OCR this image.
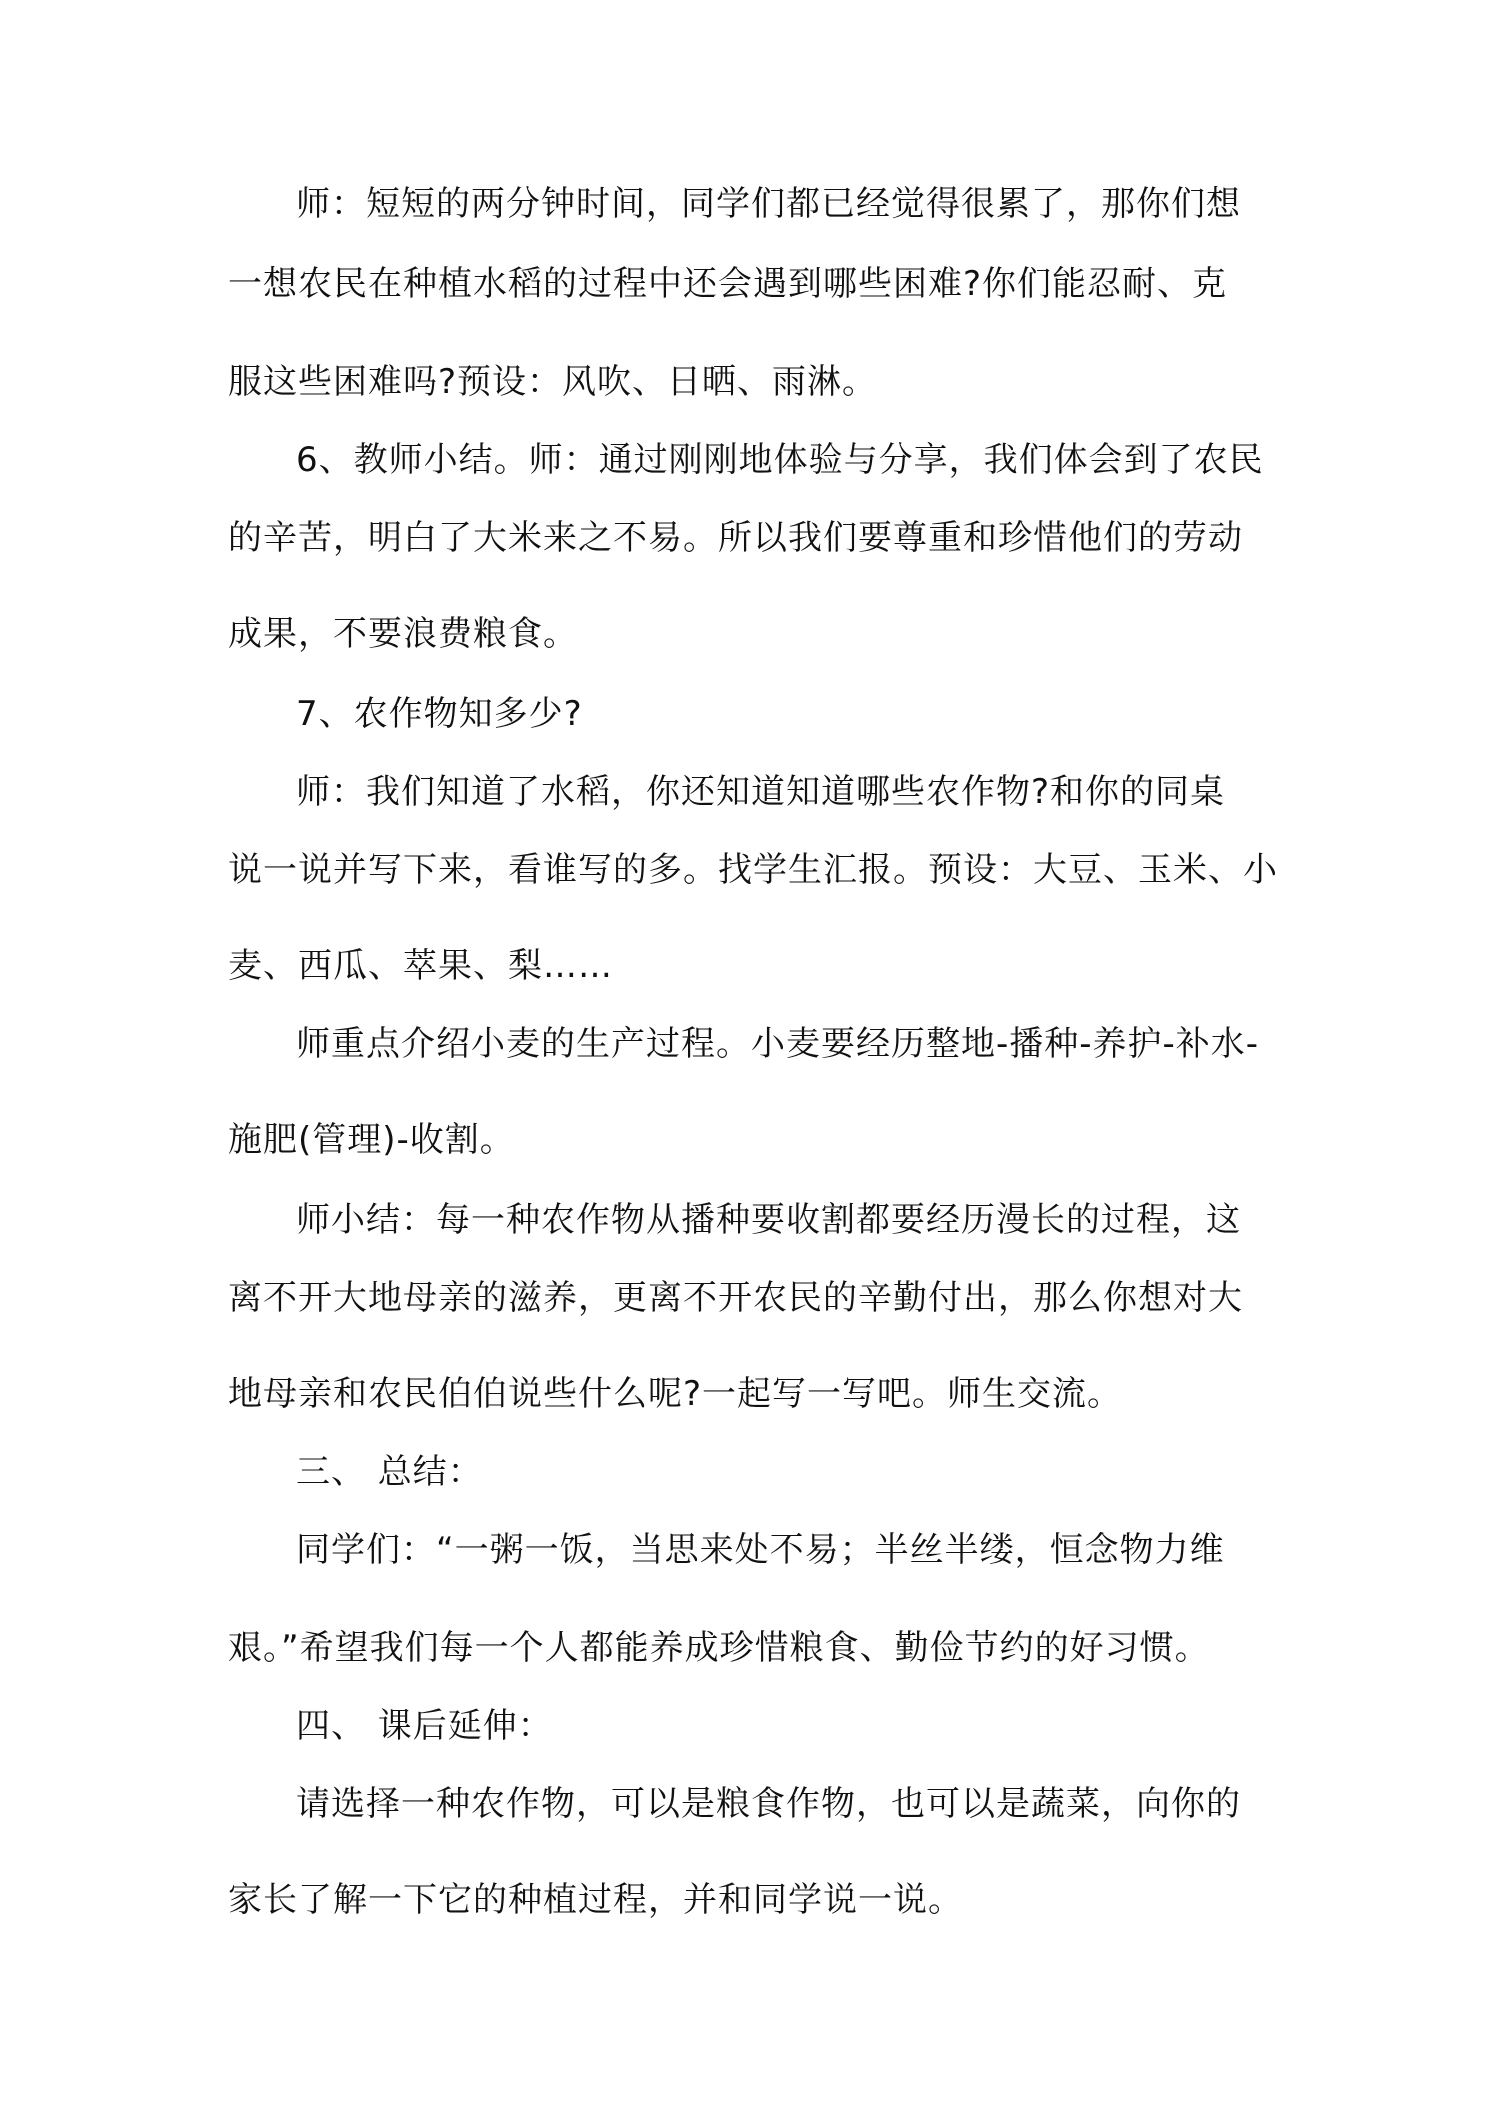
师：短短的两分钟时间，同学们都已经觉得很累了，那你们想
一想农民在种植水稻的过程中还会遇到哪些困难?你们能忍耐、克
服这些困难吗?预设：风吹、日晒、雨淋。
6、教师小结。师：通过刚刚地体验与分享，我们体会到了农民
的辛苦，明白了大米来之不易。所以我们要尊重和珍惜他们的劳动
成果，不要浪费粮食。
7、农作物知多少?
师：我们知道了水稻，你还知道知道哪些农作物?和你的同桌
说一说并写下来，看谁写的多。找学生汇报。预设：大豆、玉米、小
麦、西瓜、萃果、梨……
师重点介绍小麦的生产过程。小麦要经历整地-播种-养护-补水-
施肥(管理)-收割。
师小结：每一种农作物从播种要收割都要经历漫长的过程，这
离不开大地母亲的滋养，更离不开农民的辛勤付出，那么你想对大
地母亲和农民伯伯说些什么呢?一起写一写吧。师生交流。
三、 总结：
同学们：“一粥一饭，当思来处不易；半丝半缕，恒念物力维
艰。”希望我们每一个人都能养成珍惜粮食、勤俭节约的好习惯。
四、 课后延伸：
请选择一种农作物，可以是粮食作物，也可以是蔬菜，向你的
家长了解一下它的种植过程，并和同学说一说。
